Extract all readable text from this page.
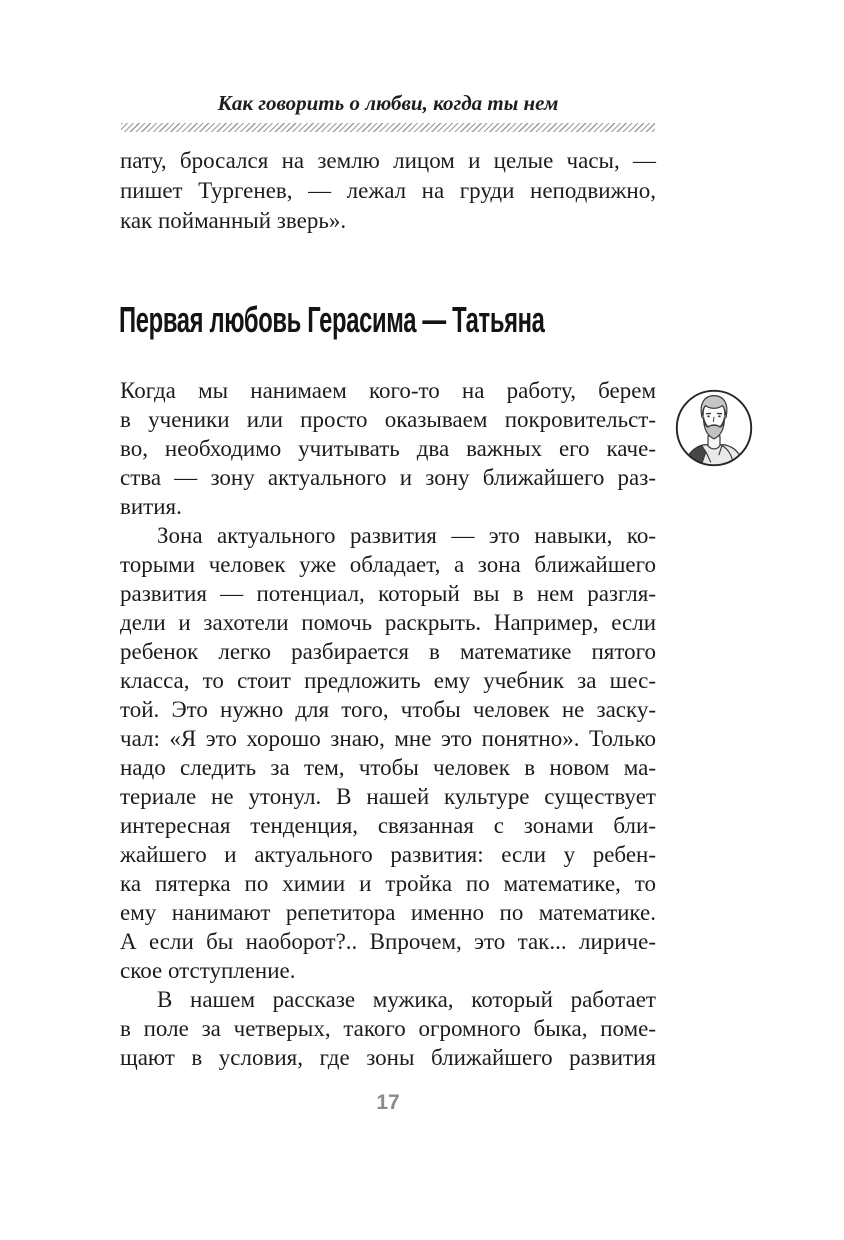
Как говорить о любви, когда ты нем
пату, бросался на землю лицом и целые часы, —
пишет Тургенев, — лежал на груди неподвижно,
как пойманный зверь».
Первая любовь Герасима — Татьяна
Когда мы нанимаем кого-то на работу, берем
в ученики или просто оказываем покровительст-
во, необходимо учитывать два важных его каче-
ства — зону актуального и зону ближайшего раз-
вития.
Зона актуального развития — это навыки, ко-
торыми человек уже обладает, а зона ближайшего
развития — потенциал, который вы в нем разгля-
дели и захотели помочь раскрыть. Например, если
ребенок легко разбирается в математике пятого
класса, то стоит предложить ему учебник за шес-
той. Это нужно для того, чтобы человек не заску-
чал: «Я это хорошо знаю, мне это понятно». Только
надо следить за тем, чтобы человек в новом ма-
териале не утонул. В нашей культуре существует
интересная тенденция, связанная с зонами бли-
жайшего и актуального развития: если у ребен-
ка пятерка по химии и тройка по математике, то
ему нанимают репетитора именно по математике.
А если бы наоборот?.. Впрочем, это так... лириче-
ское отступление.
В нашем рассказе мужика, который работает
в поле за четверых, такого огромного быка, поме-
щают в условия, где зоны ближайшего развития
17
